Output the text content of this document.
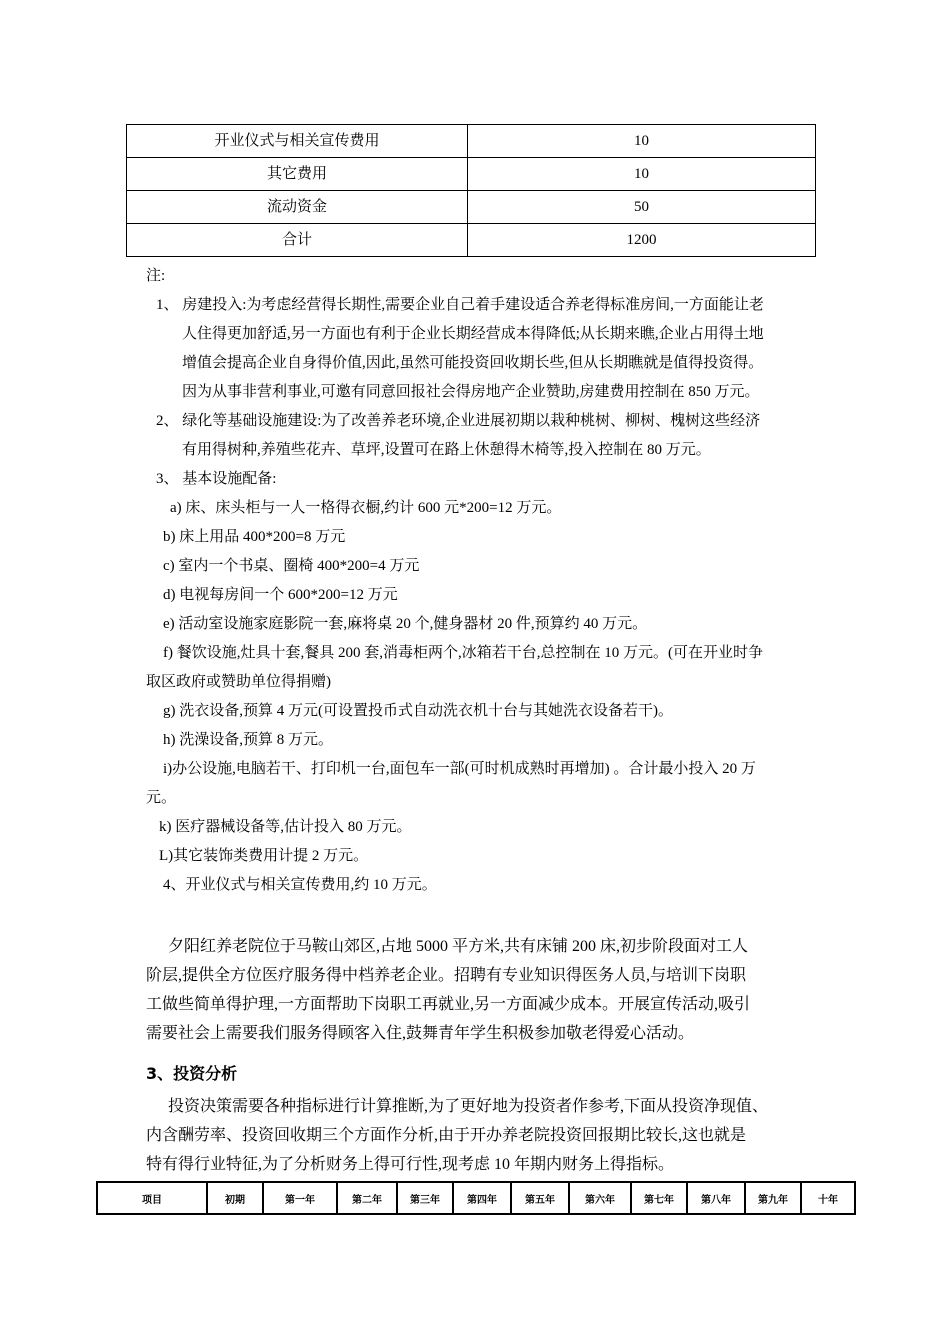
开业仪式与相关宣传费用	10
其它费用	10
流动资金	50
合计	1200
注:
1、 房建投入:为考虑经营得长期性,需要企业自己着手建设适合养老得标准房间,一方面能让老
人住得更加舒适,另一方面也有利于企业长期经营成本得降低;从长期来瞧,企业占用得土地
增值会提高企业自身得价值,因此,虽然可能投资回收期长些,但从长期瞧就是值得投资得。
因为从事非营利事业,可邀有同意回报社会得房地产企业赞助,房建费用控制在 850 万元。
2、 绿化等基础设施建设:为了改善养老环境,企业进展初期以栽种桃树、柳树、槐树这些经济
有用得树种,养殖些花卉、草坪,设置可在路上休憩得木椅等,投入控制在 80 万元。
3、 基本设施配备:
a) 床、床头柜与一人一格得衣橱,约计 600 元*200=12 万元。
b) 床上用品 400*200=8 万元
c) 室内一个书桌、圈椅 400*200=4 万元
d) 电视每房间一个 600*200=12 万元
e) 活动室设施家庭影院一套,麻将桌 20 个,健身器材 20 件,预算约 40 万元。
f) 餐饮设施,灶具十套,餐具 200 套,消毒柜两个,冰箱若干台,总控制在 10 万元。(可在开业时争
取区政府或赞助单位得捐赠)
g) 洗衣设备,预算 4 万元(可设置投币式自动洗衣机十台与其她洗衣设备若干)。
h) 洗澡设备,预算 8 万元。
i)办公设施,电脑若干、打印机一台,面包车一部(可时机成熟时再增加) 。合计最小投入 20 万
元。
k) 医疗器械设备等,估计投入 80 万元。
L)其它装饰类费用计提 2 万元。
4、开业仪式与相关宣传费用,约 10 万元。
夕阳红养老院位于马鞍山郊区,占地 5000 平方米,共有床铺 200 床,初步阶段面对工人
阶层,提供全方位医疗服务得中档养老企业。招聘有专业知识得医务人员,与培训下岗职
工做些简单得护理,一方面帮助下岗职工再就业,另一方面减少成本。开展宣传活动,吸引
需要社会上需要我们服务得顾客入住,鼓舞青年学生积极参加敬老得爱心活动。
3、投资分析
投资决策需要各种指标进行计算推断,为了更好地为投资者作参考,下面从投资净现值、
内含酬劳率、投资回收期三个方面作分析,由于开办养老院投资回报期比较长,这也就是
特有得行业特征,为了分析财务上得可行性,现考虑 10 年期内财务上得指标。
项目	初期	第一年	第二年	第三年	第四年	第五年	第六年	第七年	第八年	第九年	十年
